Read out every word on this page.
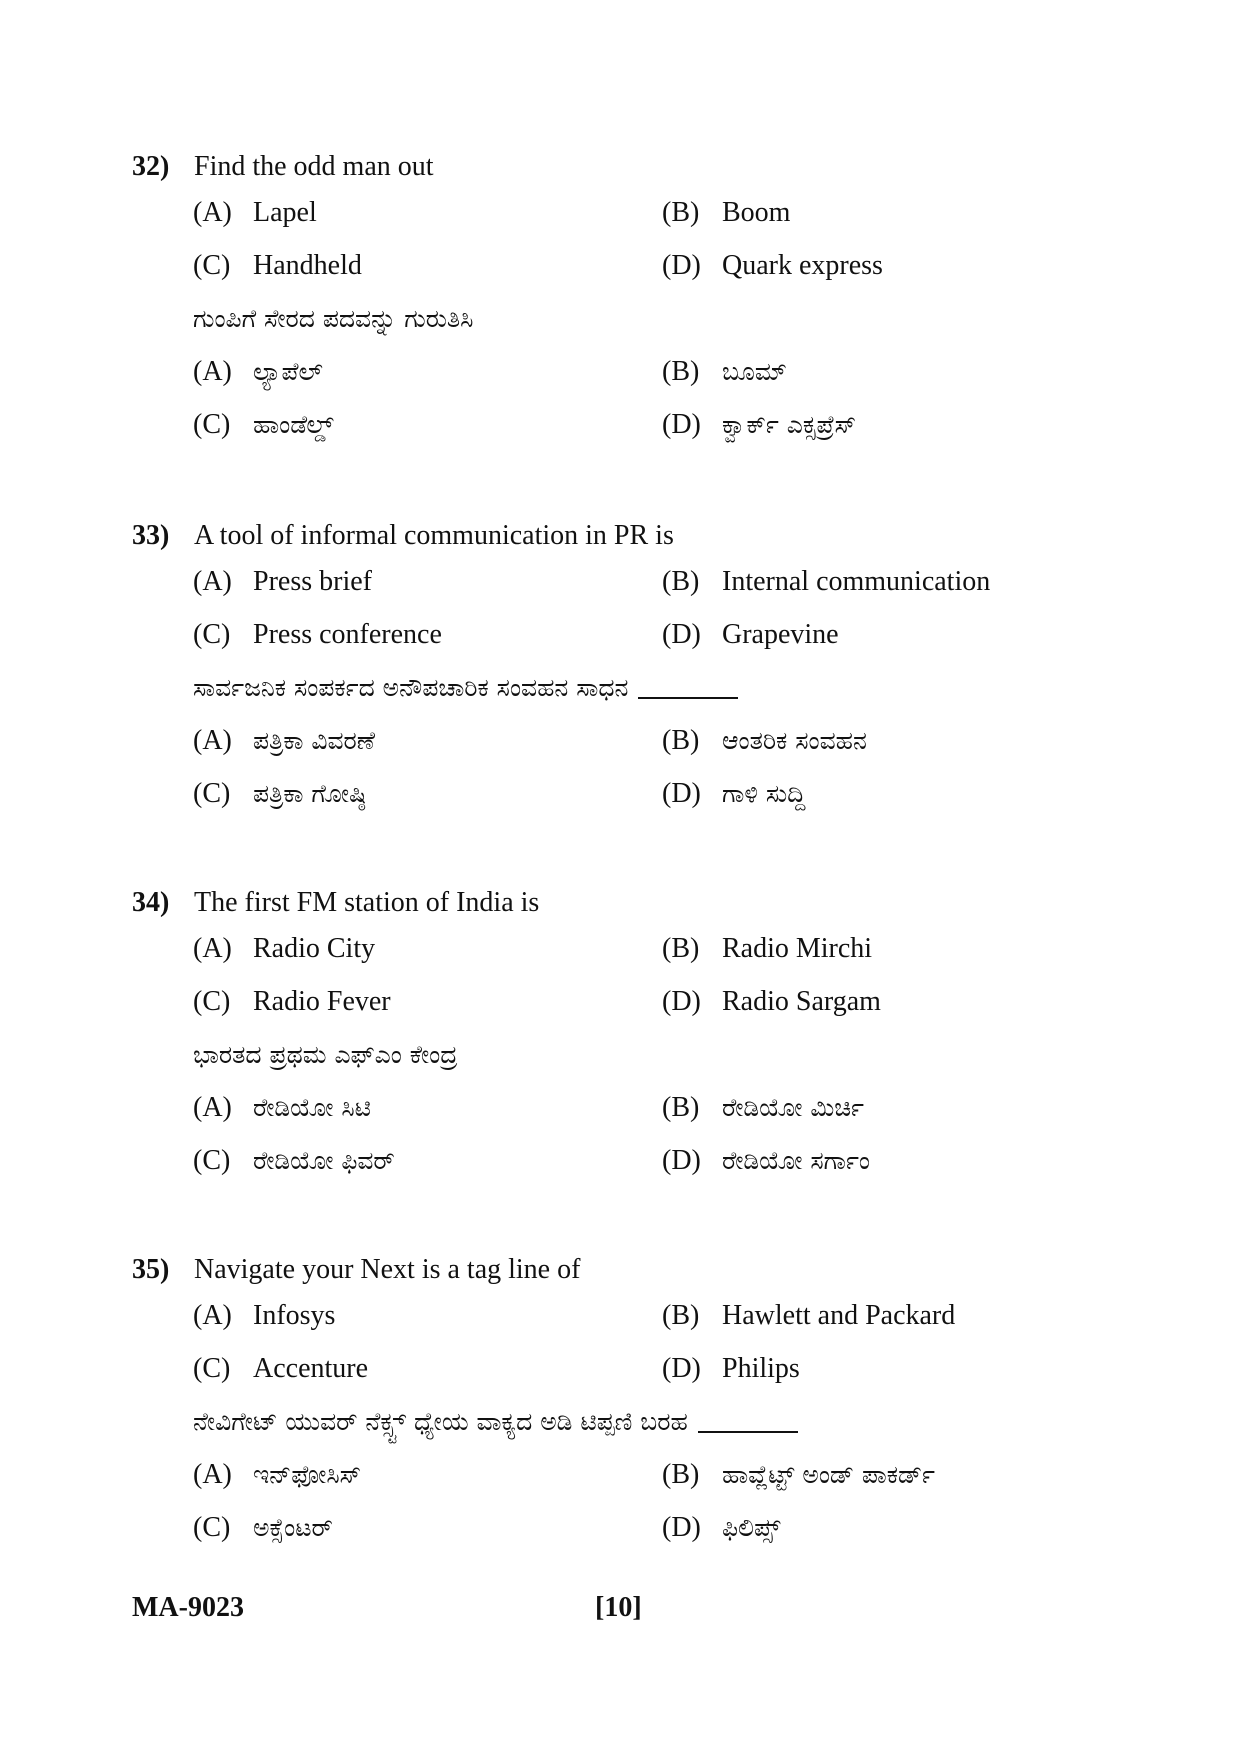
32) Find the odd man out
(A) Lapel	(B) Boom
(C) Handheld	(D) Quark express
ಗುಂಪಿಗೆ ಸೇರದ ಪದವನ್ನು ಗುರುತಿಸಿ
(A) ಲ್ಯಾಪೆಲ್	(B) ಬೂಮ್
(C) ಹಾಂಡೆಲ್ಡ್	(D) ಕ್ವಾರ್ಕ್ ಎಕ್ಸಪ್ರೆಸ್
33) A tool of informal communication in PR is
(A) Press brief	(B) Internal communication
(C) Press conference	(D) Grapevine
ಸಾರ್ವಜನಿಕ ಸಂಪರ್ಕದ ಅನೌಪಚಾರಿಕ ಸಂವಹನ ಸಾಧನ
(A) ಪತ್ರಿಕಾ ವಿವರಣೆ	(B) ಆಂತರಿಕ ಸಂವಹನ
(C) ಪತ್ರಿಕಾ ಗೋಷ್ಠಿ	(D) ಗಾಳಿ ಸುದ್ದಿ
34) The first FM station of India is
(A) Radio City	(B) Radio Mirchi
(C) Radio Fever	(D) Radio Sargam
ಭಾರತದ ಪ್ರಥಮ ಎಫ್‌ಎಂ ಕೇಂದ್ರ
(A) ರೇಡಿಯೋ ಸಿಟಿ	(B) ರೇಡಿಯೋ ಮಿರ್ಚಿ
(C) ರೇಡಿಯೋ ಫಿವರ್	(D) ರೇಡಿಯೋ ಸರ್ಗಾಂ
35) Navigate your Next is a tag line of
(A) Infosys	(B) Hawlett and Packard
(C) Accenture	(D) Philips
ನೇವಿಗೇಟ್ ಯುವರ್ ನೆಕ್ಸ್ಟ್ ಧ್ಯೇಯ ವಾಕ್ಯದ ಅಡಿ ಟಿಪ್ಪಣಿ ಬರಹ
(A) ಇನ್‌ಫೋಸಿಸ್	(B) ಹಾವ್ಲೆಟ್ಟ್ ಅಂಡ್ ಪಾಕರ್ಡ್
(C) ಅಕ್ಸೆಂಟರ್	(D) ಫಿಲಿಪ್ಸ್
MA-9023	[10]
